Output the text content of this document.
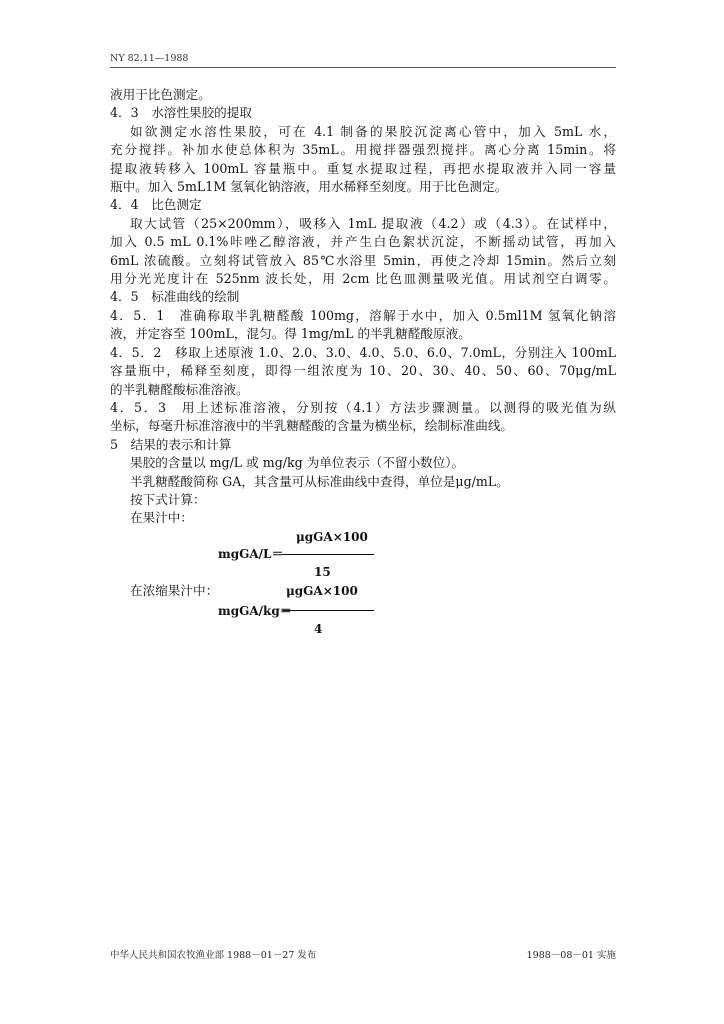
NY 82.11—1988
液用于比色测定。
4．3　水溶性果胶的提取
如欲测定水溶性果胶，可在 4.1 制备的果胶沉淀离心管中，加入 5mL 水，
充分搅拌。补加水使总体积为 35mL。用搅拌器强烈搅拌。离心分离 15min。将
提取液转移入 100mL 容量瓶中。重复水提取过程，再把水提取液并入同一容量
瓶中。加入 5mL1M 氢氧化钠溶液，用水稀释至刻度。用于比色测定。
4．4　比色测定
取大试管（25×200mm），吸移入 1mL 提取液（4.2）或（4.3）。在试样中，
加入 0.5 mL 0.1%咔唑乙醇溶液，并产生白色絮状沉淀，不断摇动试管，再加入
6mL 浓硫酸。立刻将试管放入 85℃水浴里 5min，再使之冷却 15min。然后立刻
用分光光度计在 525nm 波长处，用 2cm 比色皿测量吸光值。用试剂空白调零。
4．5　标准曲线的绘制
4．5．1　准确称取半乳糖醛酸 100mg，溶解于水中，加入 0.5ml1M 氢氧化钠溶
液，并定容至 100mL，混匀。得 1mg/mL 的半乳糖醛酸原液。
4．5．2　移取上述原液 1.0、2.0、3.0、4.0、5.0、6.0、7.0mL，分别注入 100mL
容量瓶中，稀释至刻度，即得一组浓度为 10、20、30、40、50、60、70μg/mL
的半乳糖醛酸标准溶液。
4．5．3　用上述标准溶液，分别按（4.1）方法步骤测量。以测得的吸光值为纵
坐标，每毫升标准溶液中的半乳糖醛酸的含量为横坐标，绘制标准曲线。
5　结果的表示和计算
果胶的含量以 mg/L 或 mg/kg 为单位表示（不留小数位）。
半乳糖醛酸简称 GA，其含量可从标准曲线中查得，单位是μg/mL。
按下式计算：
在果汁中：
μgGA×100
mgGA/L＝
15
在浓缩果汁中：	μgGA×100
mgGA/kg＝
4
中华人民共和国农牧渔业部 1988－01－27 发布	1988－08－01 实施
